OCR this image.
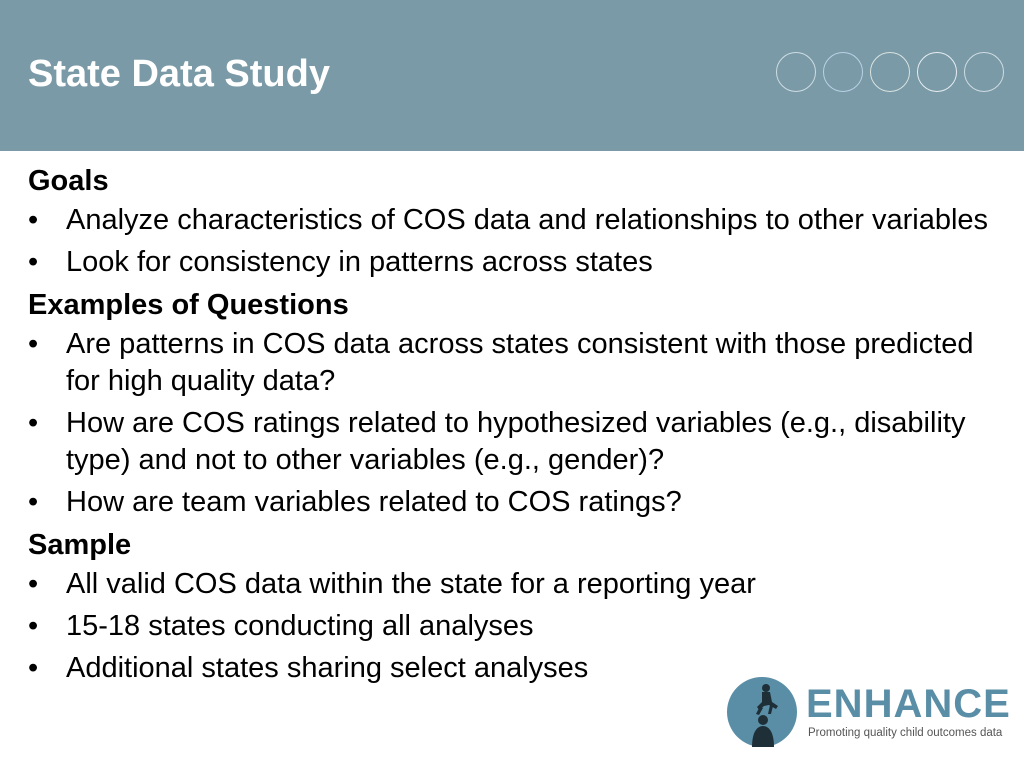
State Data Study
Goals
• Analyze characteristics of COS data and relationships to other variables
• Look for consistency in patterns across states
Examples of Questions
• Are patterns in COS data across states consistent with those predicted for high quality data?
• How are COS ratings related to hypothesized variables (e.g., disability type) and not to other variables (e.g., gender)?
• How are team variables related to COS ratings?
Sample
• All valid COS data within the state for a reporting year
• 15-18 states conducting all analyses
• Additional states sharing select analyses
ENHANCE
Promoting quality child outcomes data
